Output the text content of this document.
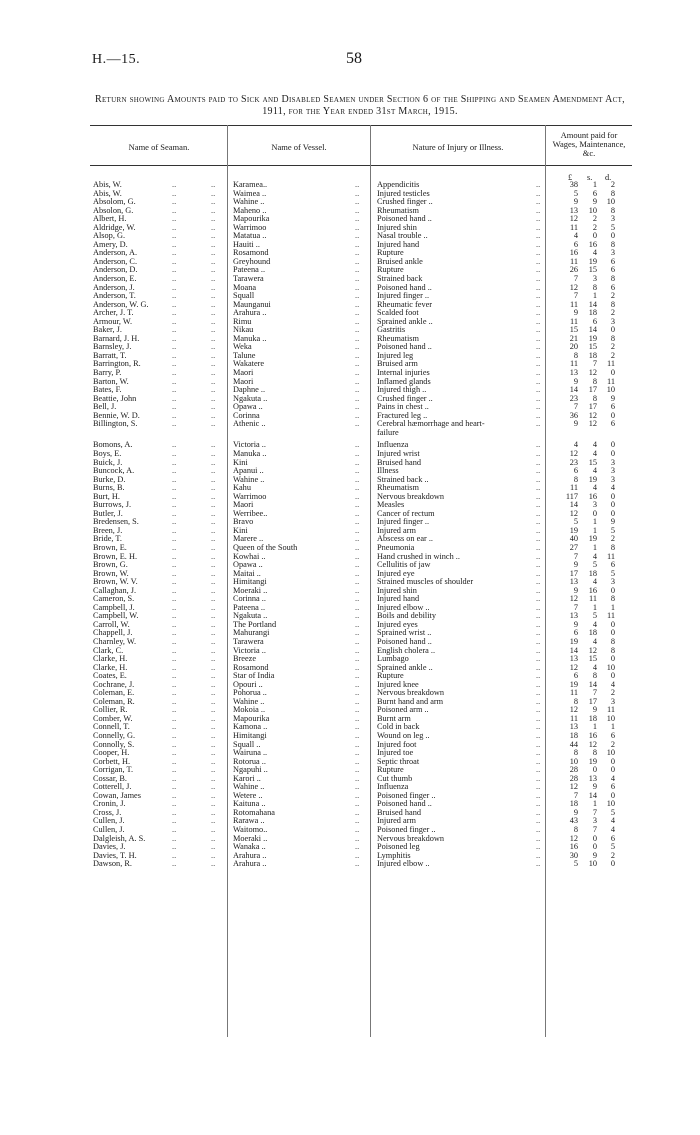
H.—15.	58
Return showing Amounts paid to Sick and Disabled Seamen under Section 6 of the Shipping and Seamen Amendment Act, 1911, for the Year ended 31st March, 1915.
Name of Seaman.	Name of Vessel.	Nature of Injury or Illness.
Amount paid for Wages, Maintenance, &c.
£ s. d.
Abis, W.	Karamea..	Appendicitis	38	1	2
..	..	..	..
Abis, W.	Waimea ..	Injured testicles	5	6	8
..	..	..	..
Absolom, G.	Wahine ..	Crushed finger ..	9	9	10
..	..	..	..
Absolon, G.	Maheno ..	Rheumatism	13	10	8
..	..	..	..
Albert, H.	Mapourika	Poisoned hand ..	12	2	3
..	..	..	..
Aldridge, W.	Warrimoo	Injured shin	11	2	5
..	..	..	..
Alsop, G.	Matatua ..	Nasal trouble ..	4	0	0
..	..	..	..
Amery, D.	Hauiti ..	Injured hand	6	16	8
..	..	..	..
Anderson, A.	Rosamond	Rupture	16	4	3
..	..	..	..
Anderson, C.	Greyhound	Bruised ankle	11	19	6
..	..	..	..
Anderson, D.	Pateena ..	Rupture	26	15	6
..	..	..	..
Anderson, E.	Tarawera	Strained back	7	3	8
..	..	..	..
Anderson, J.	Moana	Poisoned hand ..	12	8	6
..	..	..	..
Anderson, T.	Squall	Injured finger ..	7	1	2
..	..	..	..
Anderson, W. G.	Maunganui	Rheumatic fever	11	14	8
..	..	..	..
Archer, J. T.	Arahura ..	Scalded foot	9	18	2
..	..	..	..
Armour, W.	Rimu	Sprained ankle ..	11	6	3
..	..	..	..
Baker, J.	Nikau	Gastritis	15	14	0
..	..	..	..
Barnard, J. H.	Manuka ..	Rheumatism	21	19	8
..	..	..	..
Barnsley, J.	Weka	Poisoned hand ..	20	15	2
..	..	..	..
Barratt, T.	Talune	Injured leg	8	18	2
..	..	..	..
Barrington, R.	Wakatere	Bruised arm	11	7	11
..	..	..	..
Barry, P.	Maori	Internal injuries	13	12	0
..	..	..	..
Barton, W.	Maori	Inflamed glands	9	8	11
..	..	..	..
Bates, F.	Daphne ..	Injured thigh ..	14	17	10
..	..	..	..
Beattie, John	Ngakuta ..	Crushed finger ..	23	8	9
..	..	..	..
Bell, J.	Opawa ..	Pains in chest ..	7	17	6
..	..	..	..
Bennie, W. D.	Corinna	Fractured leg ..	36	12	0
..	..	..	..
Billington, S.	Athenic ..	Cerebral hæmorrhage and heart-	9	12	6
..	..	..	..
failure
Bomons, A.	Victoria ..	Influenza	4	4	0
..	..	..	..
Boys, E.	Manuka ..	Injured wrist	12	4	0
..	..	..	..
Buick, J.	Kini	Bruised hand	23	15	3
..	..	..	..
Buncock, A.	Apanui ..	Illness	6	4	3
..	..	..	..
Burke, D.	Wahine ..	Strained back ..	8	19	3
..	..	..	..
Burns, B.	Kahu	Rheumatism	11	4	4
..	..	..	..
Burt, H.	Warrimoo	Nervous breakdown	117	16	0
..	..	..	..
Burrows, J.	Maori	Measles	14	3	0
..	..	..	..
Butler, J.	Werribee..	Cancer of rectum	12	0	0
..	..	..	..
Bredensen, S.	Bravo	Injured finger ..	5	1	9
..	..	..	..
Breen, J.	Kini	Injured arm	19	1	5
..	..	..	..
Bride, T.	Marere ..	Abscess on ear ..	40	19	2
..	..	..	..
Brown, E.	Queen of the South	Pneumonia	27	1	8
..	..	..	..
Brown, E. H.	Kowhai ..	Hand crushed in winch ..	7	4	11
..	..	..	..
Brown, G.	Opawa ..	Cellulitis of jaw	9	5	6
..	..	..	..
Brown, W.	Maitai ..	Injured eye	17	18	5
..	..	..	..
Brown, W. V.	Himitangi	Strained muscles of shoulder	13	4	3
..	..	..	..
Callaghan, J.	Moeraki ..	Injured shin	9	16	0
..	..	..	..
Cameron, S.	Corinna ..	Injured hand	12	11	8
..	..	..	..
Campbell, J.	Pateena ..	Injured elbow ..	7	1	1
..	..	..	..
Campbell, W.	Ngakuta ..	Boils and debility	13	5	11
..	..	..	..
Carroll, W.	The Portland	Injured eyes	9	4	0
..	..	..	..
Chappell, J.	Mahurangi	Sprained wrist ..	6	18	0
..	..	..	..
Charnley, W.	Tarawera	Poisoned hand ..	19	4	8
..	..	..	..
Clark, C.	Victoria ..	English cholera ..	14	12	8
..	..	..	..
Clarke, H.	Breeze	Lumbago	13	15	0
..	..	..	..
Clarke, H.	Rosamond	Sprained ankle ..	12	4	10
..	..	..	..
Coates, E.	Star of India	Rupture	6	8	0
..	..	..	..
Cochrane, J.	Opouri ..	Injured knee	19	14	4
..	..	..	..
Coleman, E.	Pohorua ..	Nervous breakdown	11	7	2
..	..	..	..
Coleman, R.	Wahine ..	Burnt hand and arm	8	17	3
..	..	..	..
Collier, R.	Mokoia ..	Poisoned arm ..	12	9	11
..	..	..	..
Comber, W.	Mapourika	Burnt arm	11	18	10
..	..	..	..
Connell, T.	Kamona ..	Cold in back	13	1	1
..	..	..	..
Connelly, G.	Himitangi	Wound on leg ..	18	16	6
..	..	..	..
Connolly, S.	Squall ..	Injured foot	44	12	2
..	..	..	..
Cooper, H.	Wairuna ..	Injured toe	8	8	10
..	..	..	..
Corbett, H.	Rotorua ..	Septic throat	10	19	0
..	..	..	..
Corrigan, T.	Ngapuhi ..	Rupture	28	0	0
..	..	..	..
Cossar, B.	Karori ..	Cut thumb	28	13	4
..	..	..	..
Cotterell, J.	Wahine ..	Influenza	12	9	6
..	..	..	..
Cowan, James	Wetere ..	Poisoned finger ..	7	14	0
..	..	..	..
Cronin, J.	Kaituna ..	Poisoned hand ..	18	1	10
..	..	..	..
Cross, J.	Rotomahana	Bruised hand	9	7	5
..	..	..	..
Cullen, J.	Rarawa ..	Injured arm	43	3	4
..	..	..	..
Cullen, J.	Waitomo..	Poisoned finger ..	8	7	4
..	..	..	..
Dalgleish, A. S.	Moeraki ..	Nervous breakdown	12	0	6
..	..	..	..
Davies, J.	Wanaka ..	Poisoned leg	16	0	5
..	..	..	..
Davies, T. H.	Arahura ..	Lymphitis	30	9	2
..	..	..	..
Dawson, R.	Arahura ..	Injured elbow ..	5	10	0
..	..	..	..
